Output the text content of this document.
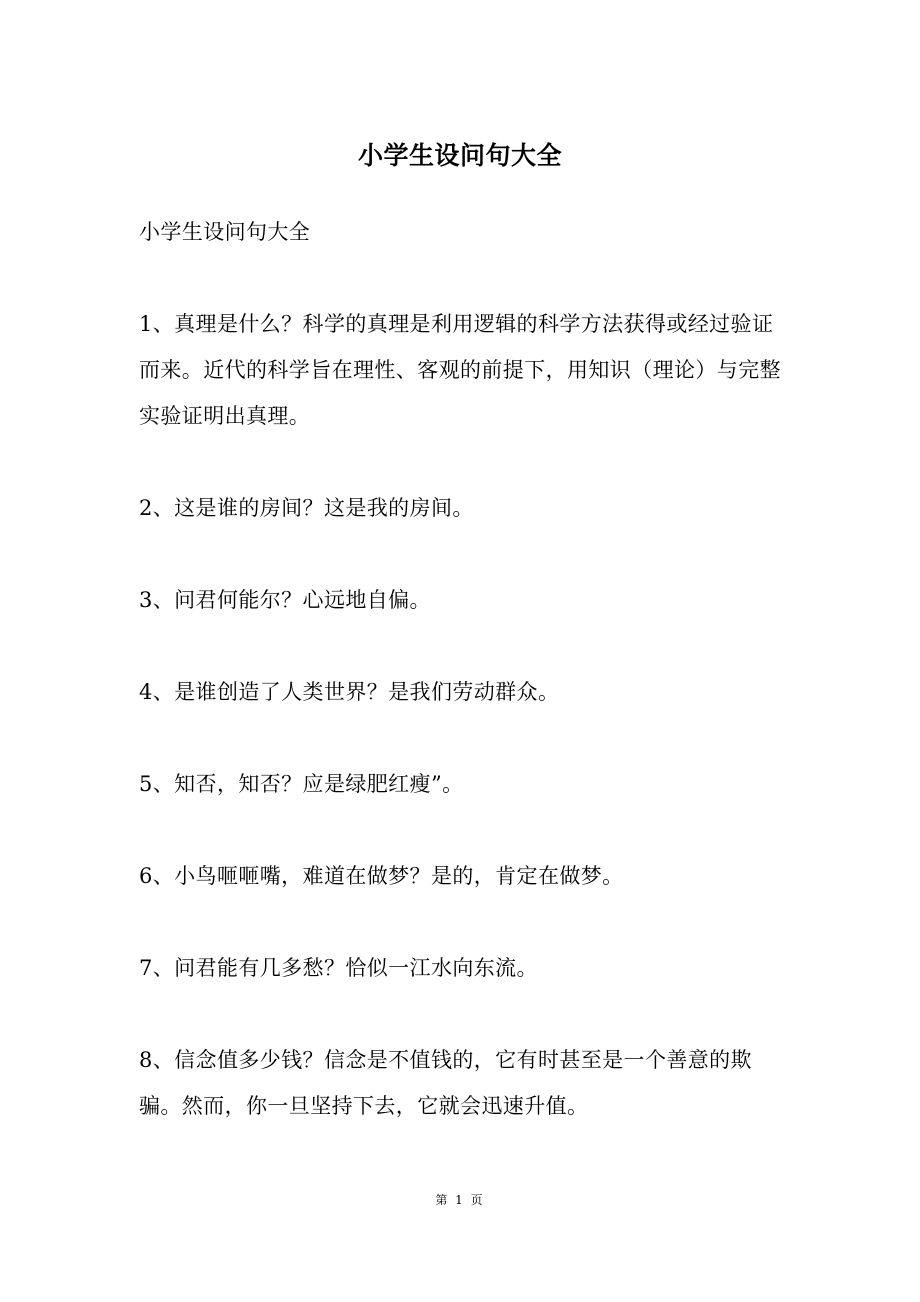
小学生设问句大全

小学生设问句大全

1、真理是什么？科学的真理是利用逻辑的科学方法获得或经过验证而来。近代的科学旨在理性、客观的前提下，用知识（理论）与完整实验证明出真理。

2、这是谁的房间？这是我的房间。

3、问君何能尔？心远地自偏。

4、是谁创造了人类世界？是我们劳动群众。

5、知否，知否？应是绿肥红瘦”。

6、小鸟咂咂嘴，难道在做梦？是的，肯定在做梦。

7、问君能有几多愁？恰似一江水向东流。

8、信念值多少钱？信念是不值钱的，它有时甚至是一个善意的欺骗。然而，你一旦坚持下去，它就会迅速升值。

第 1 页
